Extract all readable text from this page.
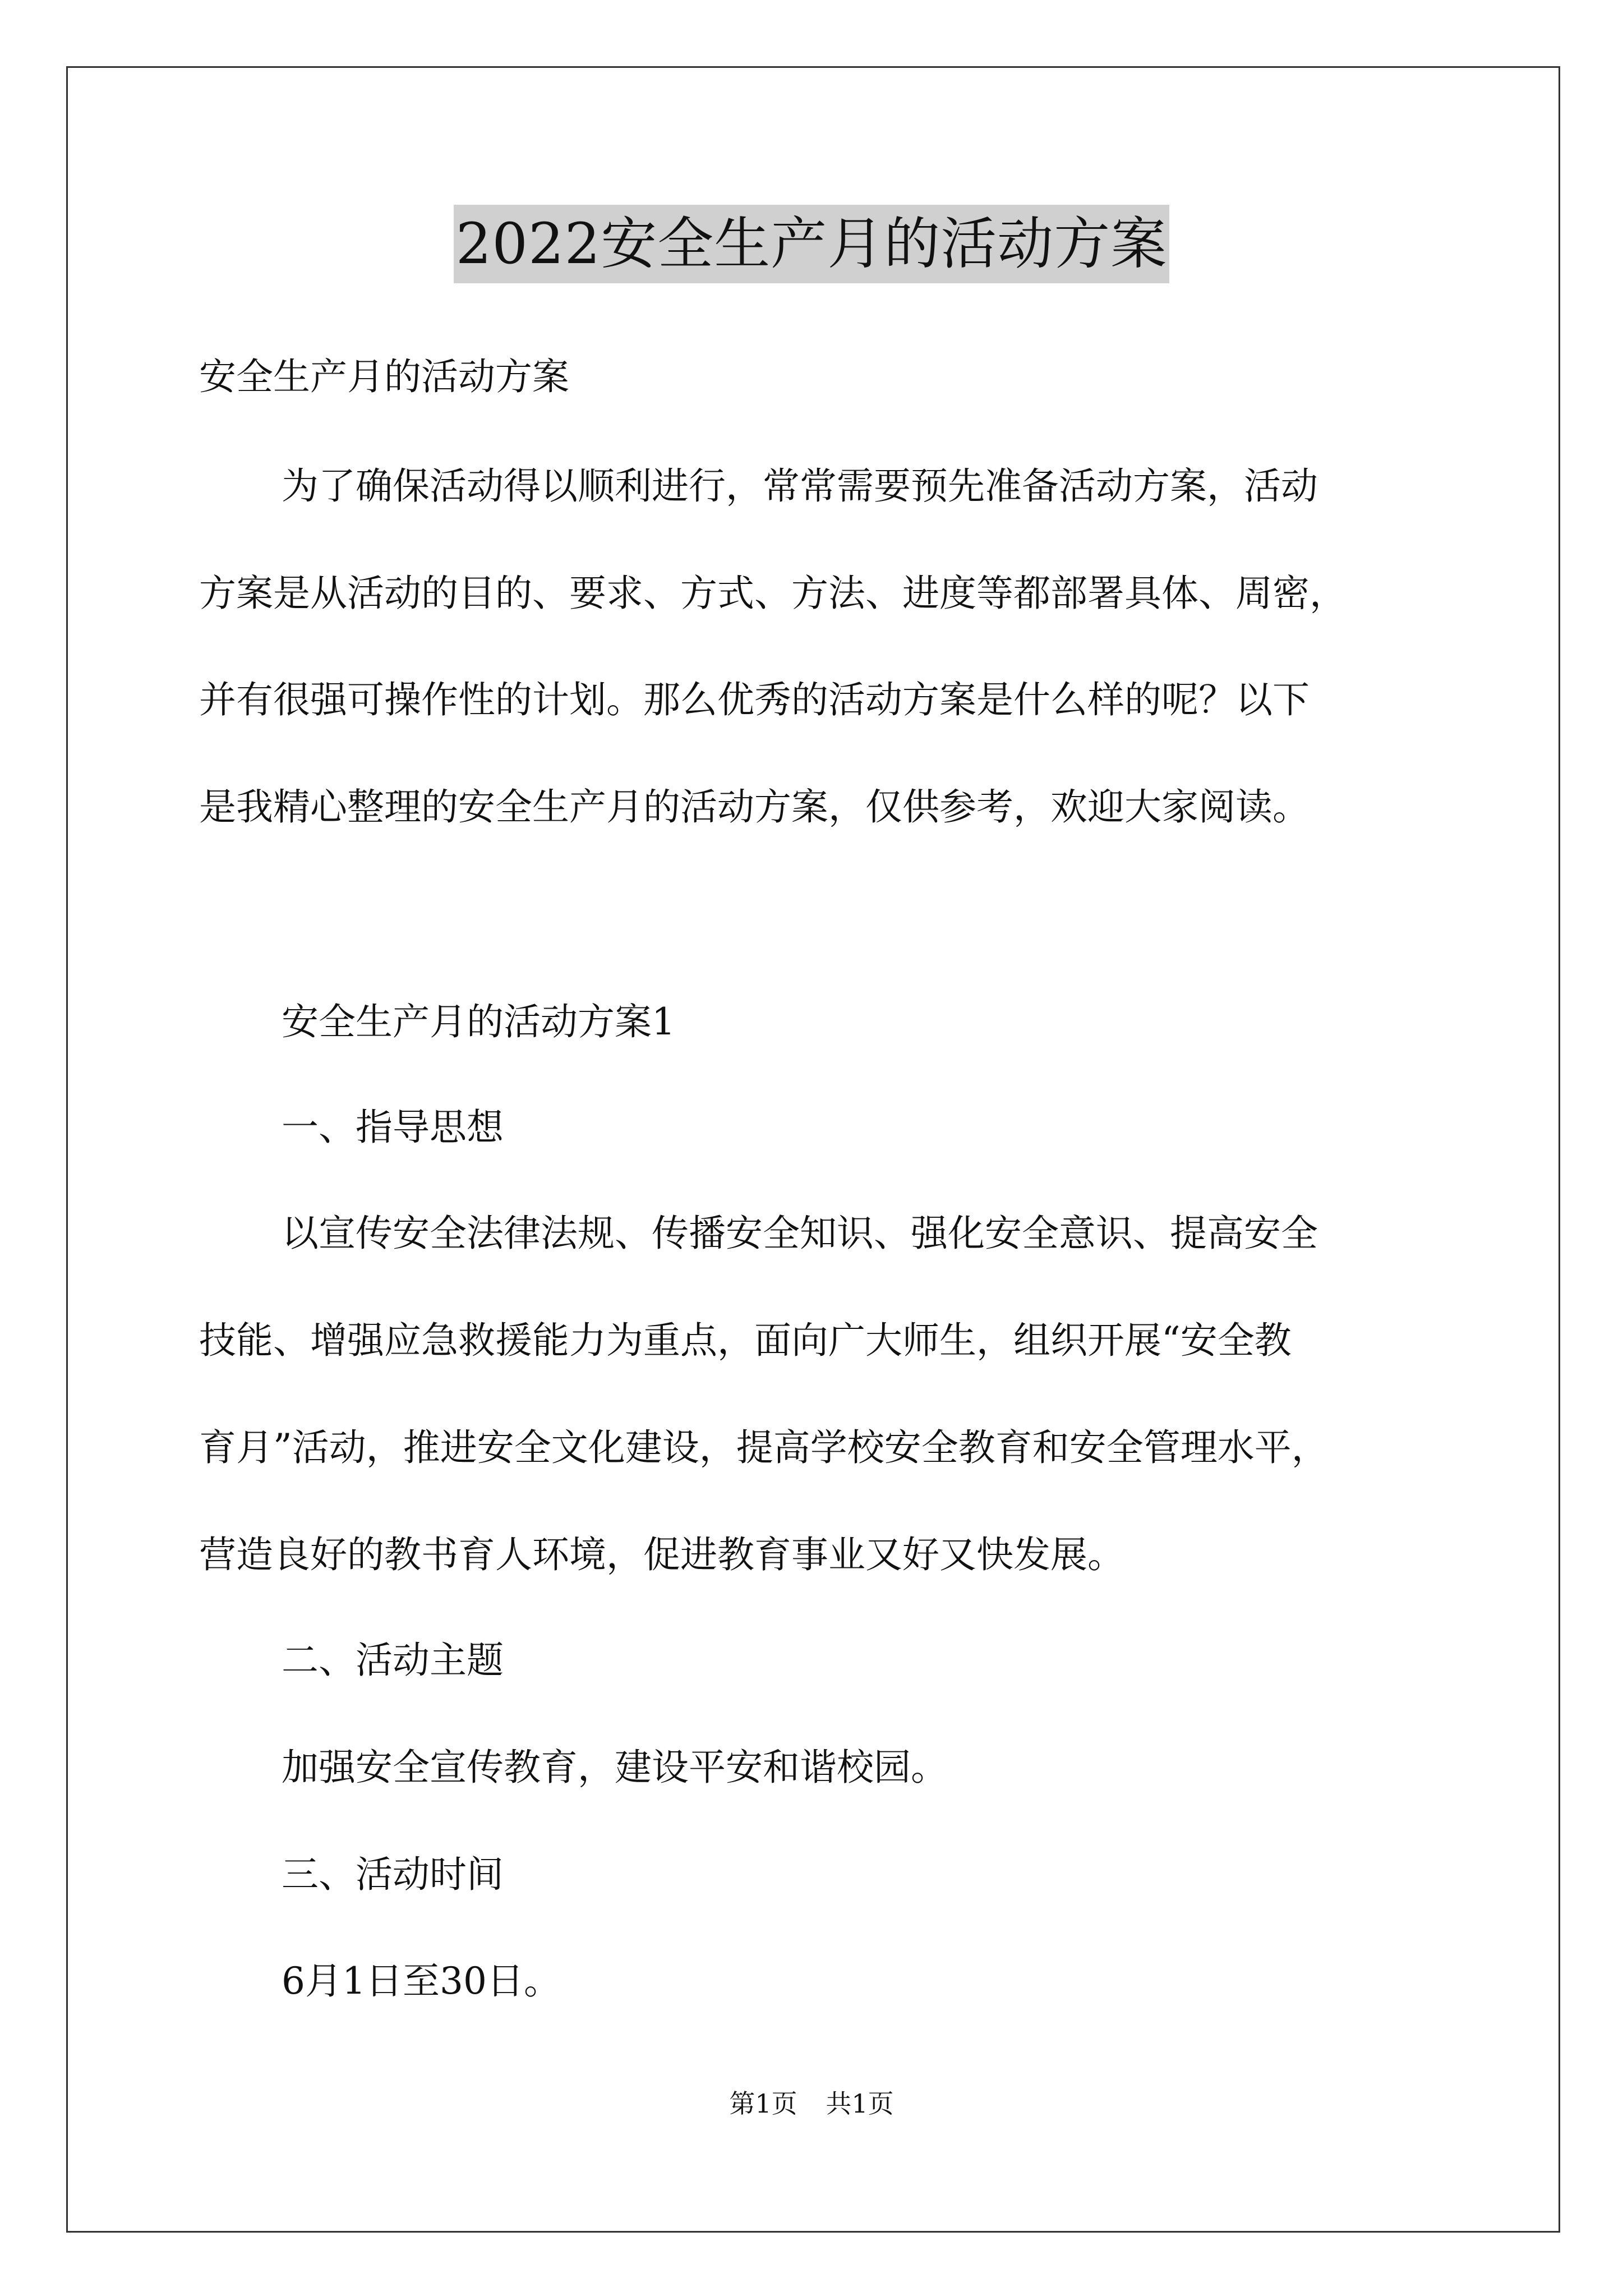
2022安全生产月的活动方案
安全生产月的活动方案
为了确保活动得以顺利进行，常常需要预先准备活动方案，活动
方案是从活动的目的、要求、方式、方法、进度等都部署具体、周密，
并有很强可操作性的计划。那么优秀的活动方案是什么样的呢？以下
是我精心整理的安全生产月的活动方案，仅供参考，欢迎大家阅读。
安全生产月的活动方案1
一、指导思想
以宣传安全法律法规、传播安全知识、强化安全意识、提高安全
技能、增强应急救援能力为重点，面向广大师生，组织开展“安全教
育月”活动，推进安全文化建设，提高学校安全教育和安全管理水平，
营造良好的教书育人环境，促进教育事业又好又快发展。
二、活动主题
加强安全宣传教育，建设平安和谐校园。
三、活动时间
6月1日至30日。
第1页 共1页
